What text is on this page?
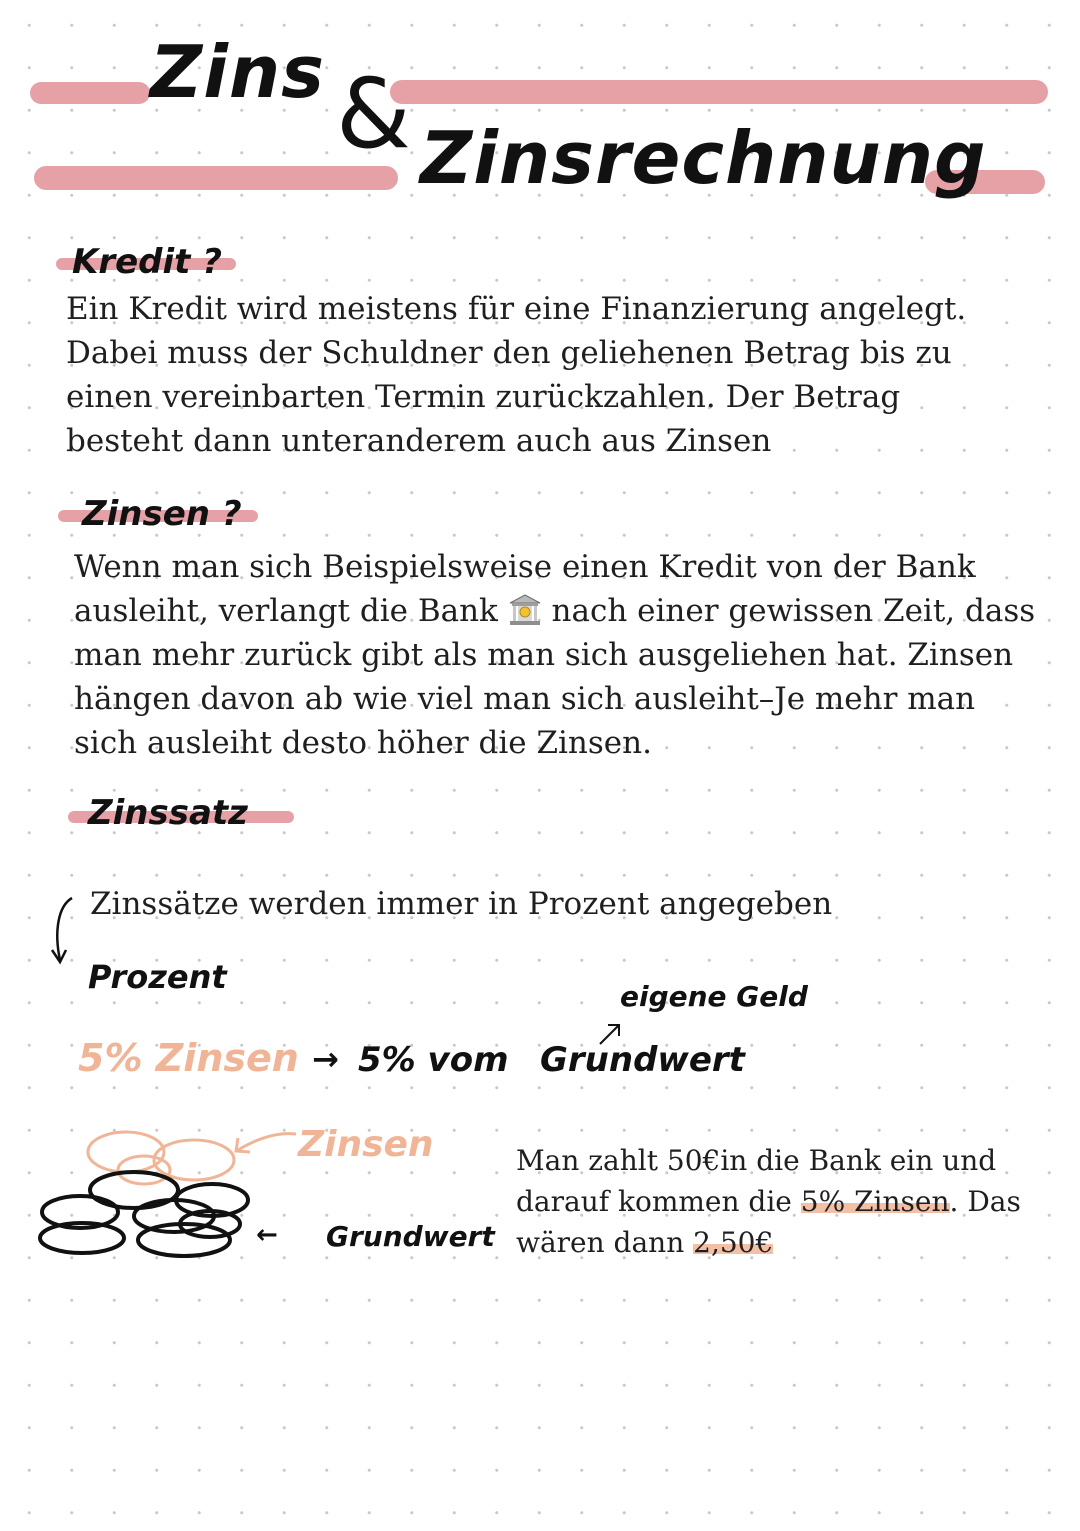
Zins & Zinsrechnung
Kredit ?

Ein Kredit wird meistens für eine Finanzierung angelegt.

Dabei muss der Schuldner den geliehenen Betrag bis zu

einen vereinbarten Termin zurückzahlen. Der Betrag

besteht dann unteranderem auch aus Zinsen

Zinsen ?

Wenn man sich Beispielsweise einen Kredit von der Bank

ausleiht, verlangt die Bank nach einer gewissen Zeit, dass

man mehr zurück gibt als man sich ausgeliehen hat. Zinsen

hängen davon ab wie viel man sich ausleiht–Je mehr man

sich ausleiht desto höher die Zinsen.

Zinssatz
Zinssätze werden immer in Prozent angegeben
Prozent
eigene Geld
5% Zinsen → 5% vom Grundwert
Zinsen
← Grundwert

Man zahlt 50€in die Bank ein und

darauf kommen die 5% Zinsen. Das

wären dann 2,50€
